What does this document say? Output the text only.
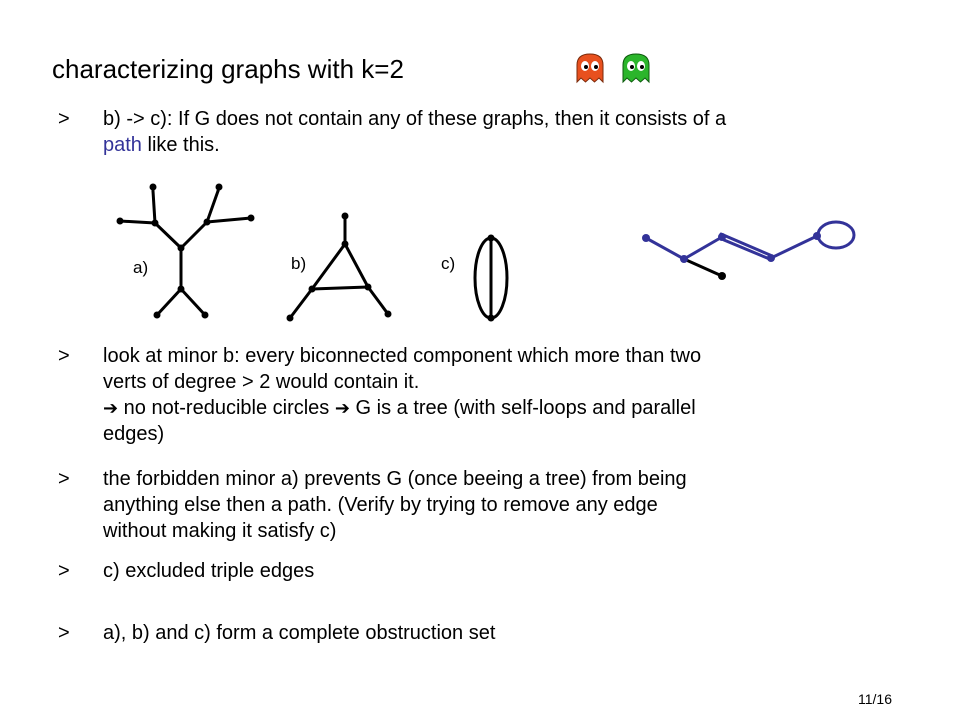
characterizing graphs with k=2
> b) -> c): If G does not contain any of these graphs, then it consists of a
path like this.
a)	b)	c)
> look at minor b: every biconnected component which more than two
verts of degree > 2 would contain it.
➔ no not-reducible circles ➔ G is a tree (with self-loops and parallel
edges)
> the forbidden minor a) prevents G (once beeing a tree) from being
anything else then a path. (Verify by trying to remove any edge
without making it satisfy c)
> c) excluded triple edges
> a), b) and c) form a complete obstruction set
11/16
